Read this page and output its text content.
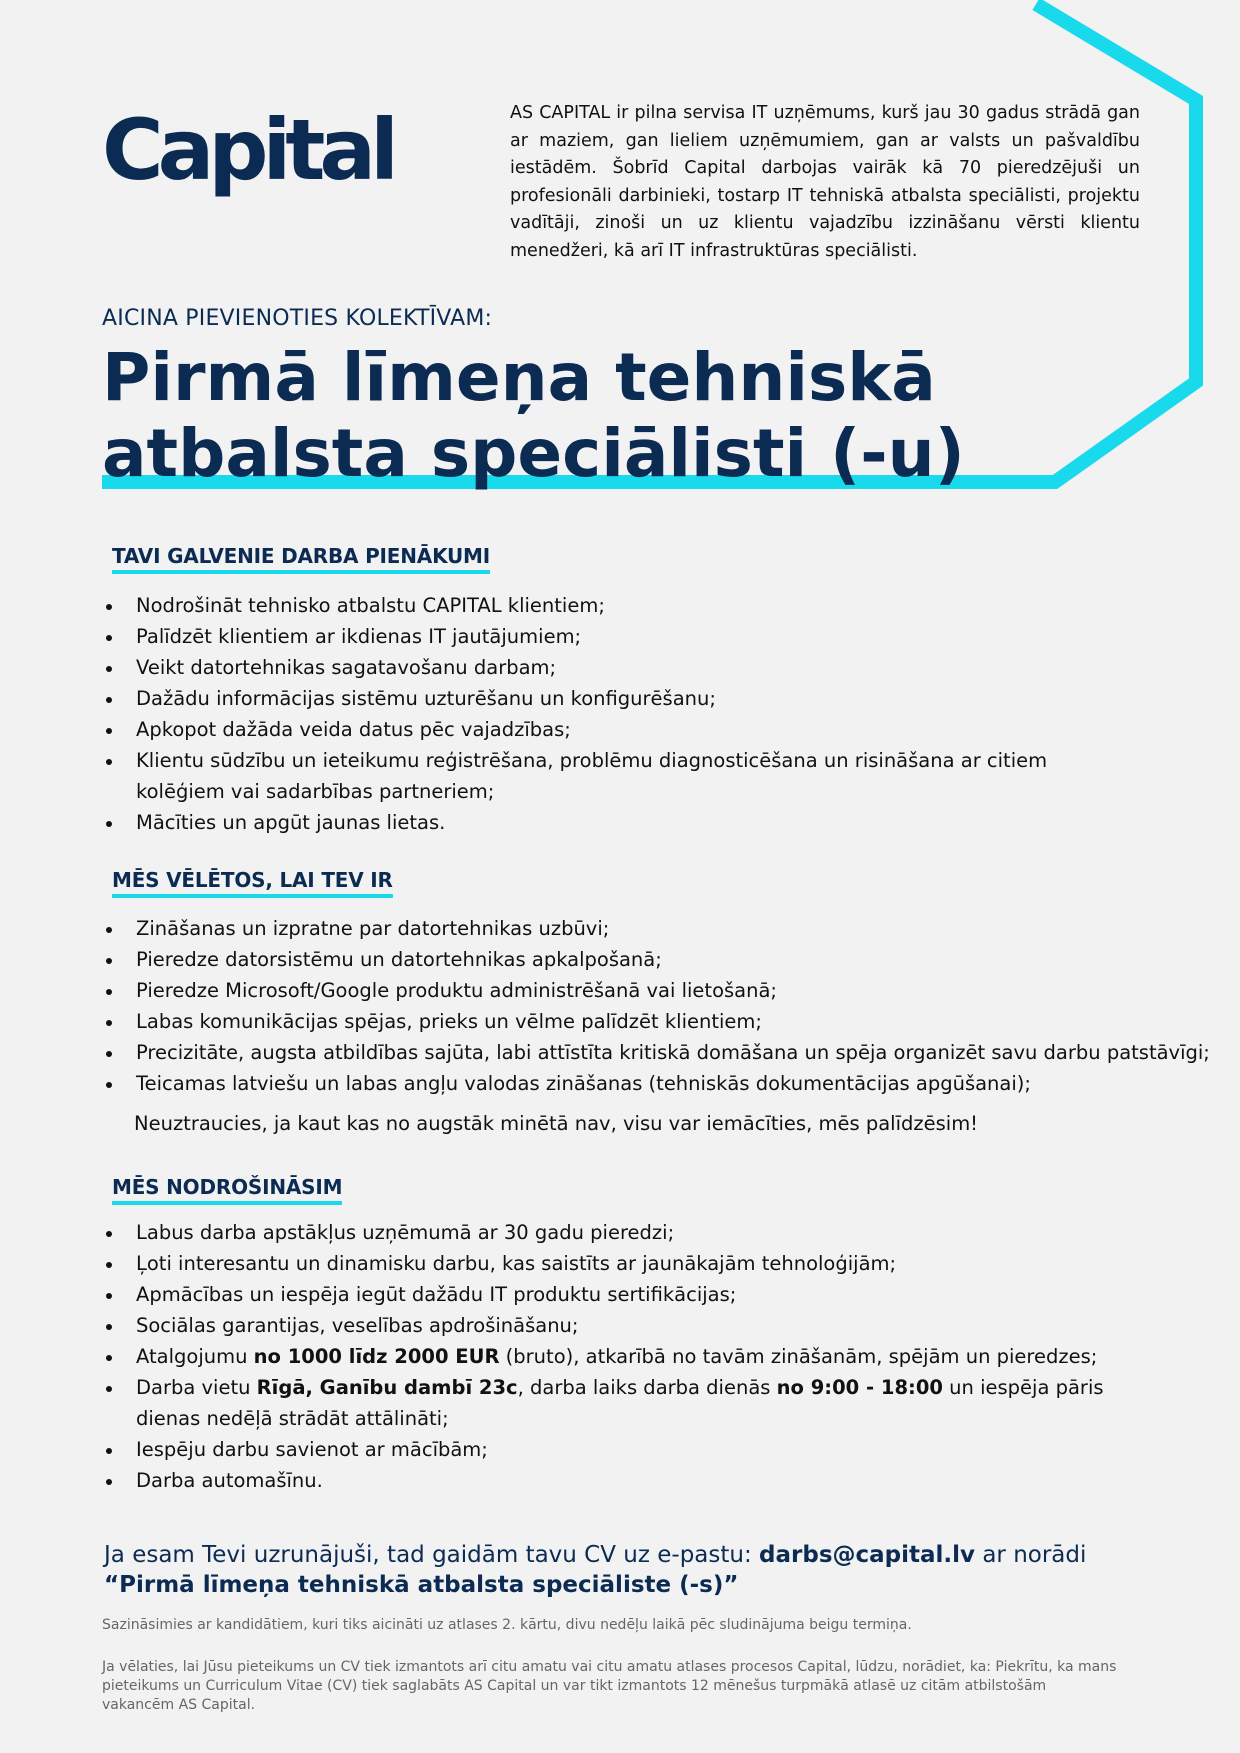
Capital	AS CAPITAL ir pilna servisa IT uzņēmums, kurš jau 30 gadus strādā gan ar maziem, gan lieliem uzņēmumiem, gan ar valsts un pašvaldību iestādēm. Šobrīd Capital darbojas vairāk kā 70 pieredzējuši un profesionāli darbinieki, tostarp IT tehniskā atbalsta speciālisti, projektu vadītāji, zinoši un uz klientu vajadzību izzināšanu vērsti klientu menedžeri, kā arī IT infrastruktūras speciālisti.
AICINA PIEVIENOTIES KOLEKTĪVAM:
Pirmā līmeņa tehniskā
atbalsta speciālisti (-u)
TAVI GALVENIE DARBA PIENĀKUMI
Nodrošināt tehnisko atbalstu CAPITAL klientiem;
Palīdzēt klientiem ar ikdienas IT jautājumiem;
Veikt datortehnikas sagatavošanu darbam;
Dažādu informācijas sistēmu uzturēšanu un konfigurēšanu;
Apkopot dažāda veida datus pēc vajadzības;
Klientu sūdzību un ieteikumu reģistrēšana, problēmu diagnosticēšana un risināšana ar citiem
kolēģiem vai sadarbības partneriem;
Mācīties un apgūt jaunas lietas.
MĒS VĒLĒTOS, LAI TEV IR
Zināšanas un izpratne par datortehnikas uzbūvi;
Pieredze datorsistēmu un datortehnikas apkalpošanā;
Pieredze Microsoft/Google produktu administrēšanā vai lietošanā;
Labas komunikācijas spējas, prieks un vēlme palīdzēt klientiem;
Precizitāte, augsta atbildības sajūta, labi attīstīta kritiskā domāšana un spēja organizēt savu darbu patstāvīgi;
Teicamas latviešu un labas angļu valodas zināšanas (tehniskās dokumentācijas apgūšanai);
Neuztraucies, ja kaut kas no augstāk minētā nav, visu var iemācīties, mēs palīdzēsim!
MĒS NODROŠINĀSIM
Labus darba apstākļus uzņēmumā ar 30 gadu pieredzi;
Ļoti interesantu un dinamisku darbu, kas saistīts ar jaunākajām tehnoloģijām;
Apmācības un iespēja iegūt dažādu IT produktu sertifikācijas;
Sociālas garantijas, veselības apdrošināšanu;
Atalgojumu no 1000 līdz 2000 EUR (bruto), atkarībā no tavām zināšanām, spējām un pieredzes;
Darba vietu Rīgā, Ganību dambī 23c, darba laiks darba dienās no 9:00 - 18:00 un iespēja pāris
dienas nedēļā strādāt attālināti;
Iespēju darbu savienot ar mācībām;
Darba automašīnu.
Ja esam Tevi uzrunājuši, tad gaidām tavu CV uz e-pastu: darbs@capital.lv ar norādi
“Pirmā līmeņa tehniskā atbalsta speciāliste (-s)”
Sazināsimies ar kandidātiem, kuri tiks aicināti uz atlases 2. kārtu, divu nedēļu laikā pēc sludinājuma beigu termiņa.
Ja vēlaties, lai Jūsu pieteikums un CV tiek izmantots arī citu amatu vai citu amatu atlases procesos Capital, lūdzu, norādiet, ka: Piekrītu, ka mans pieteikums un Curriculum Vitae (CV) tiek saglabāts AS Capital un var tikt izmantots 12 mēnešus turpmākā atlasē uz citām atbilstošām vakancēm AS Capital.
